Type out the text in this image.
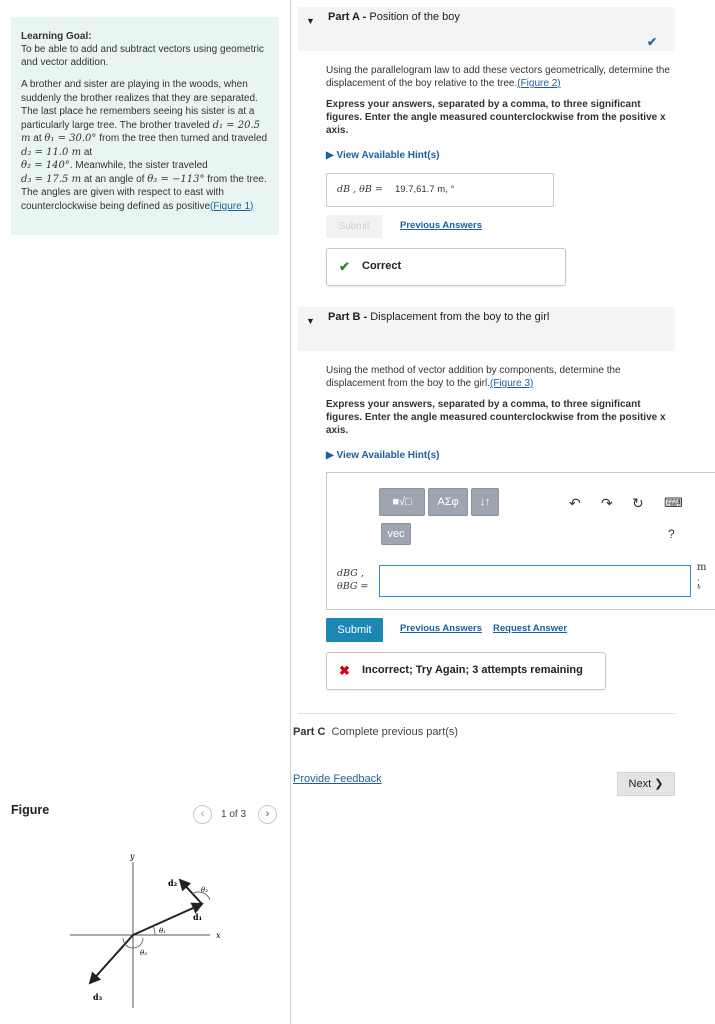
Learning Goal:
To be able to add and subtract vectors using geometric and vector addition.
A brother and sister are playing in the woods, when suddenly the brother realizes that they are separated. The last place he remembers seeing his sister is at a particularly large tree. The brother traveled d₁ = 20.5 m at θ₁ = 30.0° from the tree then turned and traveled d₂ = 11.0 m at
θ₂ = 140°. Meanwhile, the sister traveled
d₃ = 17.5 m at an angle of θ₃ = −113° from the tree. The angles are given with respect to east with counterclockwise being defined as positive(Figure 1)
Figure	‹	1 of 3	›
y
x
d₁
d₂
d₃
θ₁
θ₂
θ₃
▼ Part A - Position of the boy
✔
Using the parallelogram law to add these vectors geometrically, determine the displacement of the boy relative to the tree.(Figure 2)
Express your answers, separated by a comma, to three significant figures. Enter the angle measured counterclockwise from the positive x axis.
▶ View Available Hint(s)
dB , θB = 19.7,61.7 m, °
Submit	Previous Answers
✔ Correct
▼ Part B - Displacement from the boy to the girl
Using the method of vector addition by components, determine the displacement from the boy to the girl.(Figure 3)
Express your answers, separated by a comma, to three significant figures. Enter the angle measured counterclockwise from the positive x axis.
▶ View Available Hint(s)
■√□	AΣφ	↓↑
vec
↶ ↷ ↻ ⌨
?
dBG ,
θBG =
m
;
°
Submit	Previous Answers Request Answer
✖ Incorrect; Try Again; 3 attempts remaining
Part C Complete previous part(s)
Provide Feedback	Next ❯
